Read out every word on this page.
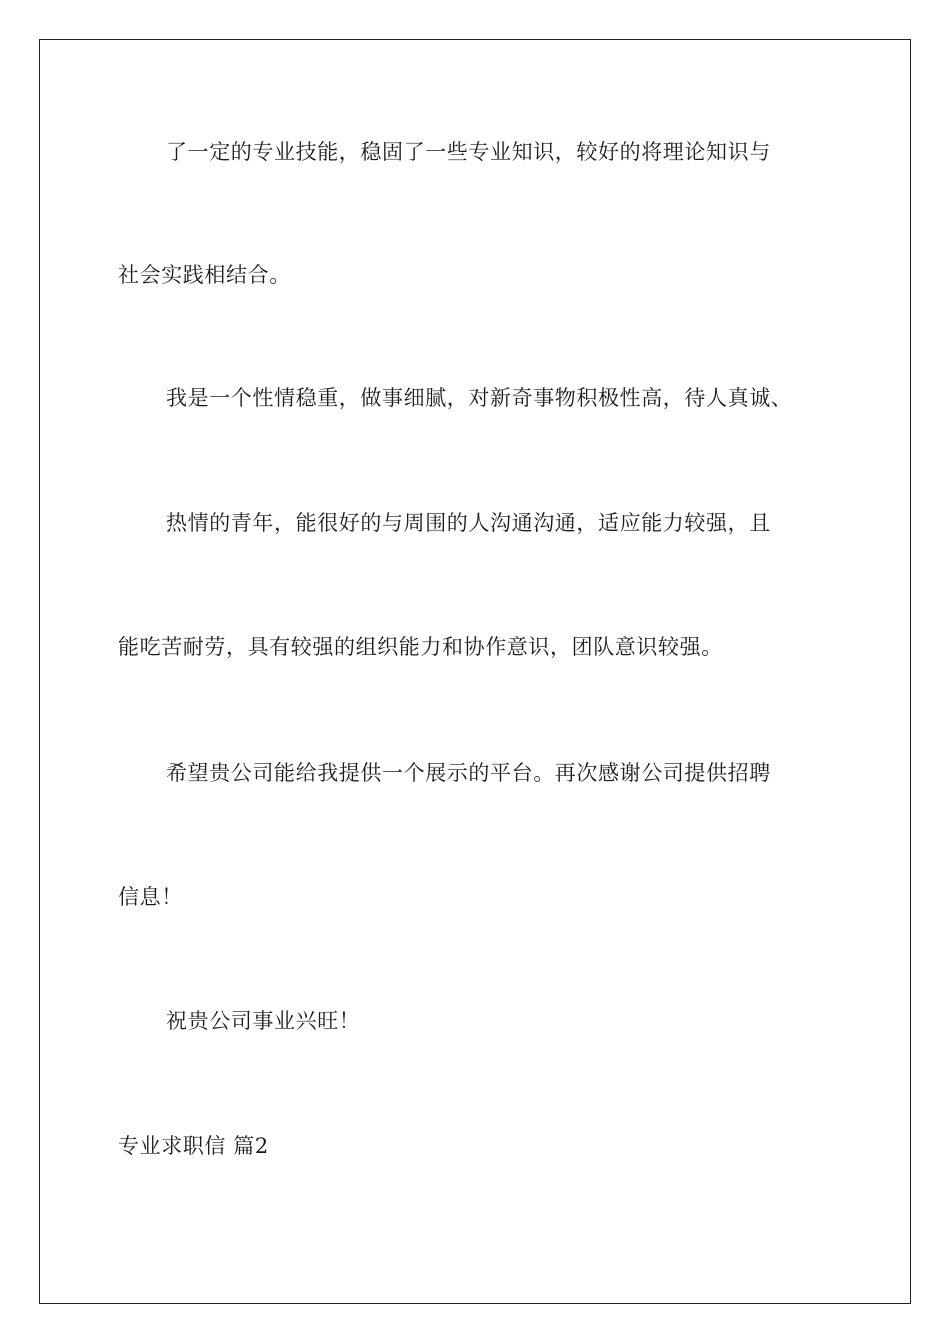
了一定的专业技能，稳固了一些专业知识，较好的将理论知识与
社会实践相结合。
我是一个性情稳重，做事细腻，对新奇事物积极性高，待人真诚、
热情的青年，能很好的与周围的人沟通沟通，适应能力较强，且
能吃苦耐劳，具有较强的组织能力和协作意识，团队意识较强。
希望贵公司能给我提供一个展示的平台。再次感谢公司提供招聘
信息！
祝贵公司事业兴旺！
专业求职信 篇2
